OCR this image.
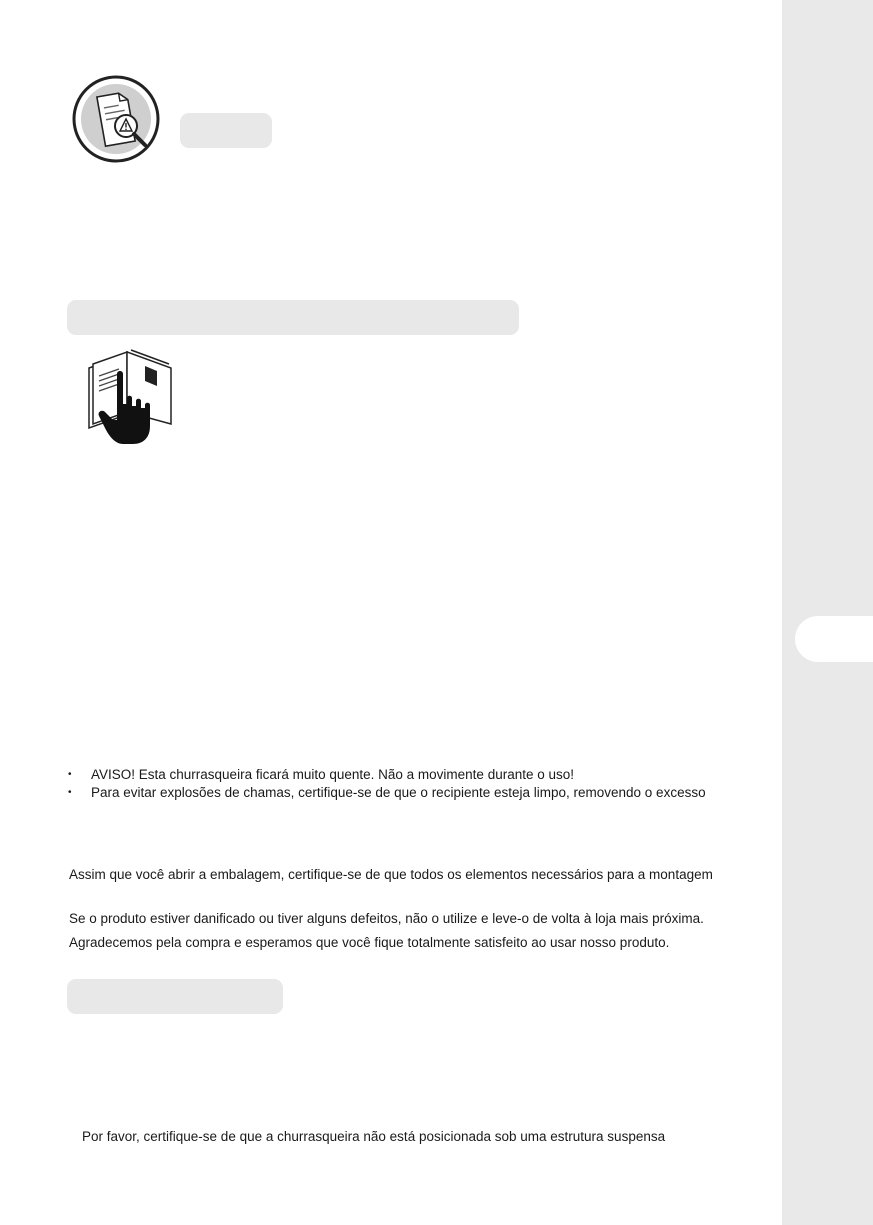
• AVISO! Esta churrasqueira ficará muito quente. Não a movimente durante o uso!
• Para evitar explosões de chamas, certifique-se de que o recipiente esteja limpo, removendo o excesso

Assim que você abrir a embalagem, certifique-se de que todos os elementos necessários para a montagem

Se o produto estiver danificado ou tiver alguns defeitos, não o utilize e leve-o de volta à loja mais próxima.

Agradecemos pela compra e esperamos que você fique totalmente satisfeito ao usar nosso produto.

Por favor, certifique-se de que a churrasqueira não está posicionada sob uma estrutura suspensa
